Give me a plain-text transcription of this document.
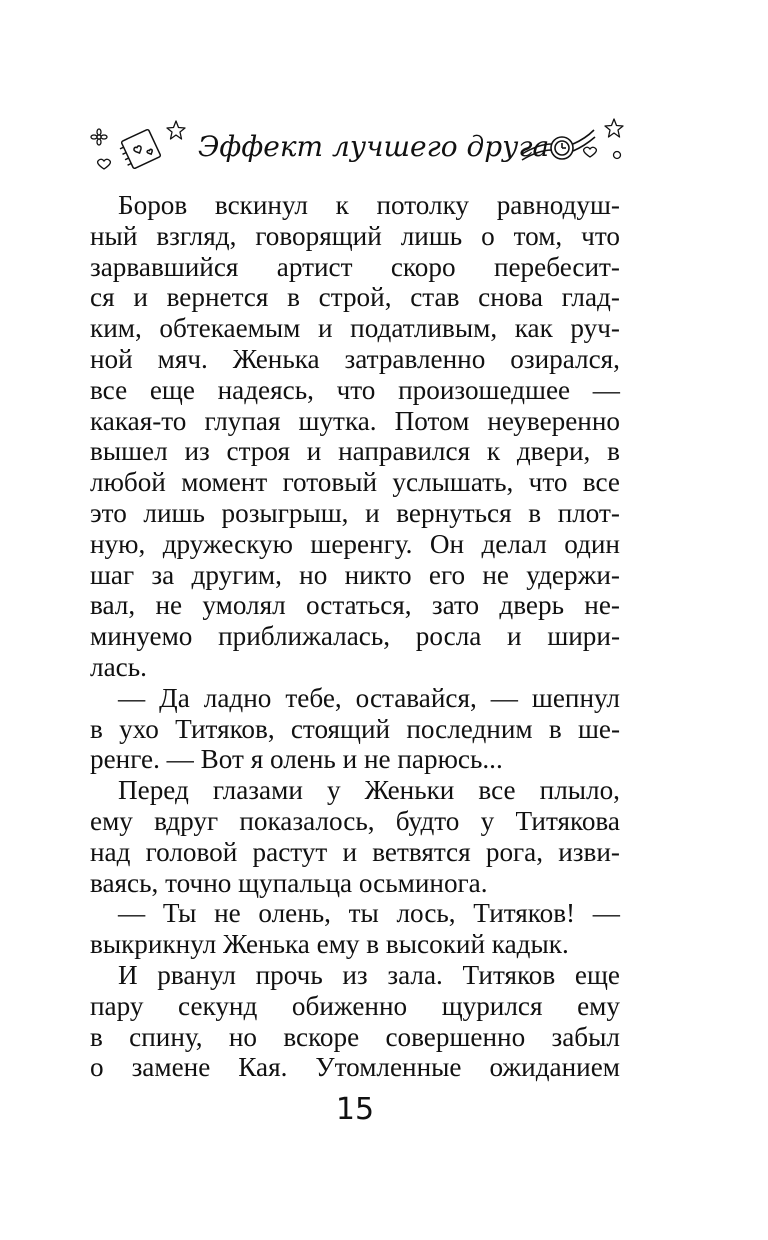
Эффект лучшего друга
Боров вскинул к потолку равнодуш-
ный взгляд, говорящий лишь о том, что
зарвавшийся артист скоро перебесит-
ся и вернется в строй, став снова глад-
ким, обтекаемым и податливым, как руч-
ной мяч. Женька затравленно озирался,
все еще надеясь, что произошедшее —
какая-то глупая шутка. Потом неуверенно
вышел из строя и направился к двери, в
любой момент готовый услышать, что все
это лишь розыгрыш, и вернуться в плот-
ную, дружескую шеренгу. Он делал один
шаг за другим, но никто его не удержи-
вал, не умолял остаться, зато дверь не-
минуемо приближалась, росла и шири-
лась.
— Да ладно тебе, оставайся, — шепнул
в ухо Титяков, стоящий последним в ше-
ренге. — Вот я олень и не парюсь...
Перед глазами у Женьки все плыло,
ему вдруг показалось, будто у Титякова
над головой растут и ветвятся рога, изви-
ваясь, точно щупальца осьминога.
— Ты не олень, ты лось, Титяков! —
выкрикнул Женька ему в высокий кадык.
И рванул прочь из зала. Титяков еще
пару секунд обиженно щурился ему
в спину, но вскоре совершенно забыл
о замене Кая. Утомленные ожиданием
15
